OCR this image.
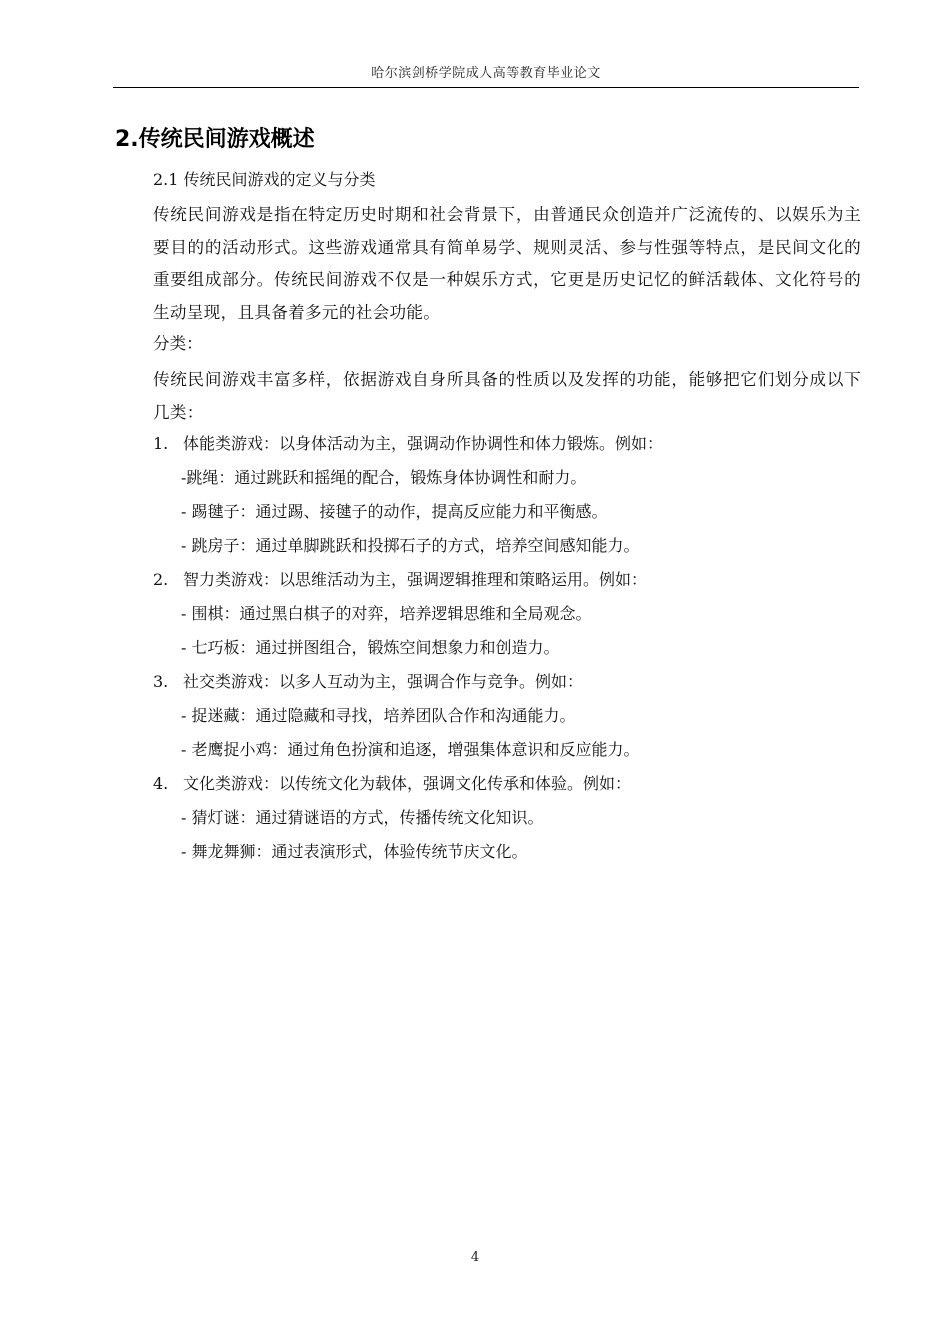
哈尔滨剑桥学院成人高等教育毕业论文
2.传统民间游戏概述
2.1 传统民间游戏的定义与分类

传统民间游戏是指在特定历史时期和社会背景下，由普通民众创造并广泛流传的、以娱乐为主要目的的活动形式。这些游戏通常具有简单易学、规则灵活、参与性强等特点，是民间文化的重要组成部分。传统民间游戏不仅是一种娱乐方式，它更是历史记忆的鲜活载体、文化符号的生动呈现，且具备着多元的社会功能。

分类：

传统民间游戏丰富多样，依据游戏自身所具备的性质以及发挥的功能，能够把它们划分成以下几类：

1. 体能类游戏：以身体活动为主，强调动作协调性和体力锻炼。例如：
-跳绳：通过跳跃和摇绳的配合，锻炼身体协调性和耐力。
- 踢毽子：通过踢、接毽子的动作，提高反应能力和平衡感。
- 跳房子：通过单脚跳跃和投掷石子的方式，培养空间感知能力。
2. 智力类游戏：以思维活动为主，强调逻辑推理和策略运用。例如：
- 围棋：通过黑白棋子的对弈，培养逻辑思维和全局观念。
- 七巧板：通过拼图组合，锻炼空间想象力和创造力。
3. 社交类游戏：以多人互动为主，强调合作与竞争。例如：
- 捉迷藏：通过隐藏和寻找，培养团队合作和沟通能力。
- 老鹰捉小鸡：通过角色扮演和追逐，增强集体意识和反应能力。
4. 文化类游戏：以传统文化为载体，强调文化传承和体验。例如：
- 猜灯谜：通过猜谜语的方式，传播传统文化知识。
- 舞龙舞狮：通过表演形式，体验传统节庆文化。
4
